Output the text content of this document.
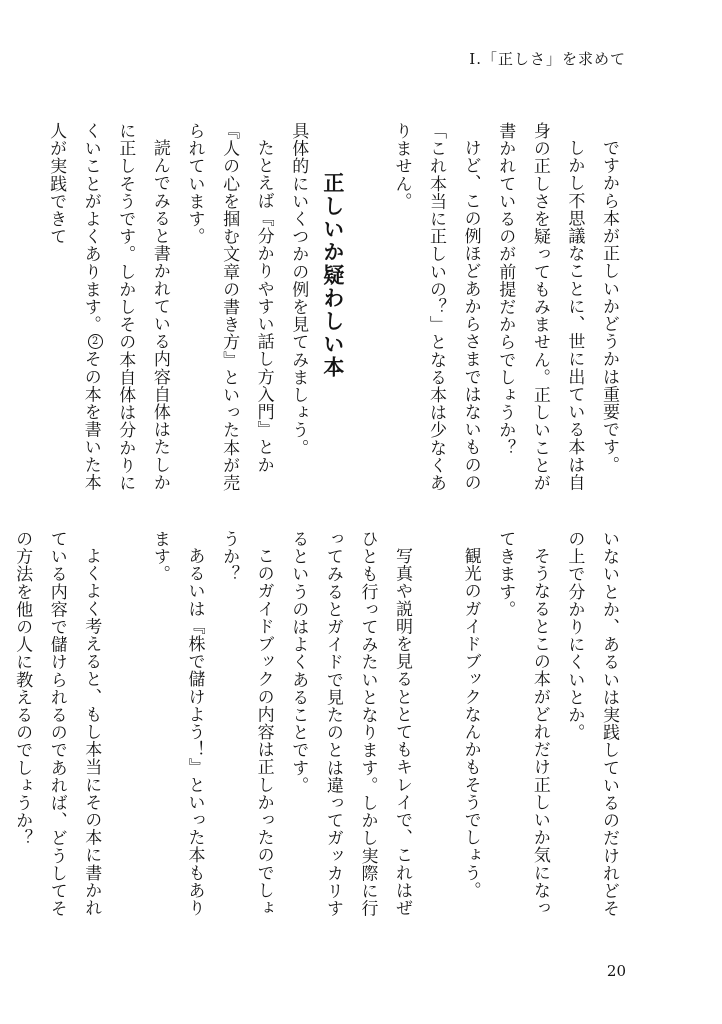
I.「正しさ」を求めて

ですから本が正しいかどうかは重要です。

しかし不思議なことに、世に出ている本は自身の正しさを疑ってもみません。正しいことが書かれているのが前提だからでしょうか？

けど、この例ほどあからさまではないものの「これ本当に正しいの？」となる本は少なくありません。

正しいか疑わしい本

具体的にいくつかの例を見てみましょう。

たとえば『分かりやすい話し方入門』とか『人の心を掴む文章の書き方』といった本が売られています。

読んでみると書かれている内容自体はたしかに正しそうです。しかしその本自体は分かりにくいことがよくあります。2その本を書いた本人が実践できて

いないとか、あるいは実践しているのだけれどその上で分かりにくいとか。

そうなるとこの本がどれだけ正しいか気になってきます。

観光のガイドブックなんかもそうでしょう。

写真や説明を見るととてもキレイで、これはぜひとも行ってみたいとなります。しかし実際に行ってみるとガイドで見たのとは違ってガッカリするというのはよくあることです。

このガイドブックの内容は正しかったのでしょうか？

あるいは『株で儲けよう！』といった本もあります。

よくよく考えると、もし本当にその本に書かれている内容で儲けられるのであれば、どうしてその方法を他の人に教えるのでしょうか？

20
